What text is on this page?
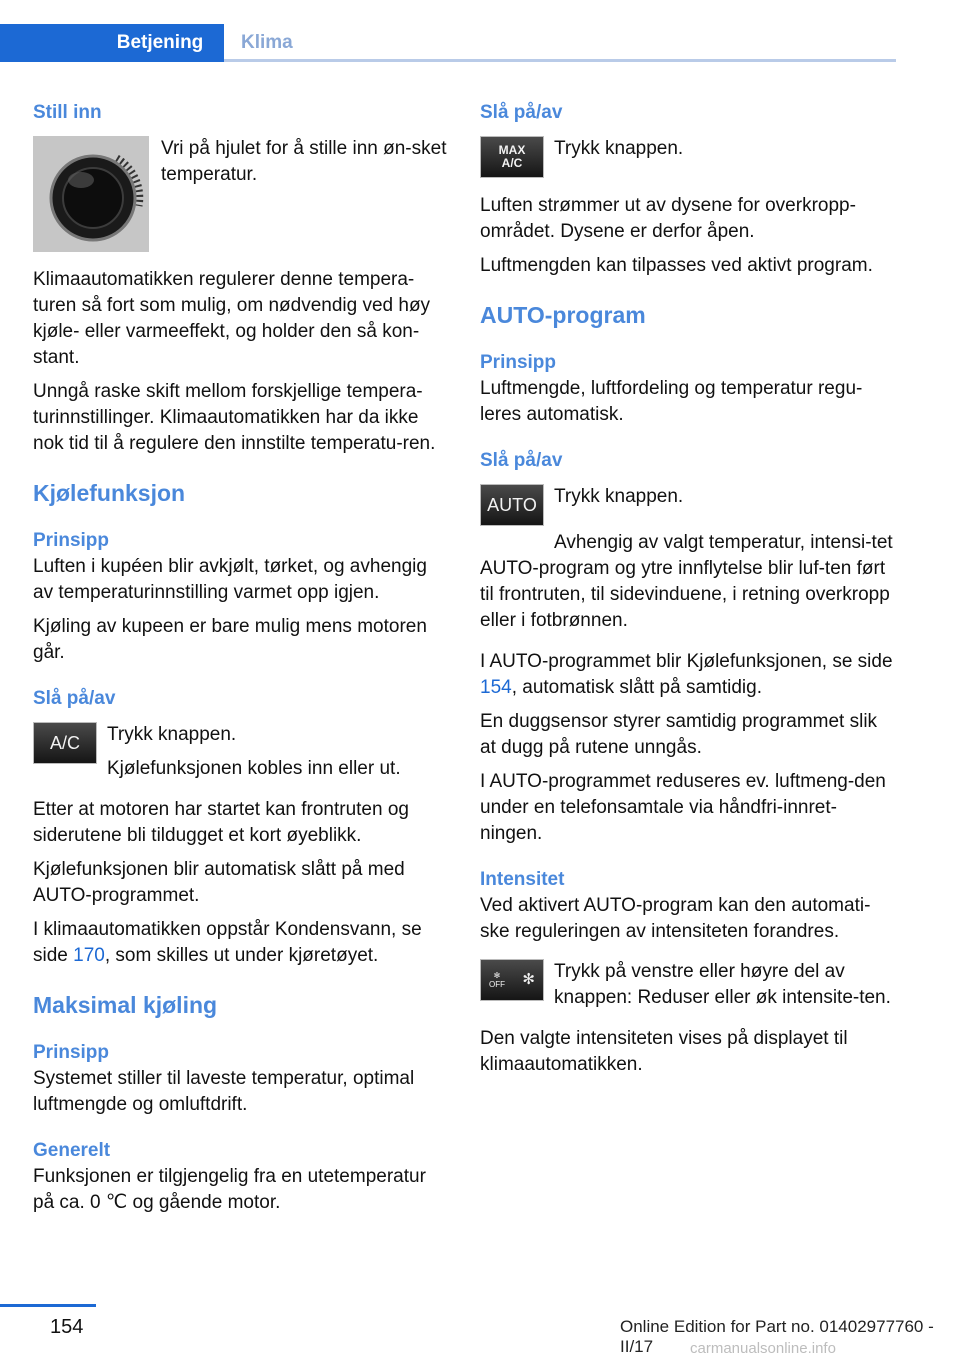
Betjening	Klima
Still inn
Vri på hjulet for å stille inn øn-sket temperatur.

Klimaautomatikken regulerer denne tempera-turen så fort som mulig, om nødvendig ved høy kjøle- eller varmeeffekt, og holder den så kon-stant.

Unngå raske skift mellom forskjellige tempera-turinnstillinger. Klimaautomatikken har da ikke nok tid til å regulere den innstilte temperatu-ren.

Kjølefunksjon
Prinsipp

Luften i kupéen blir avkjølt, tørket, og avhengig av temperaturinnstilling varmet opp igjen.

Kjøling av kupeen er bare mulig mens motoren går.

Slå på/av
A/C	Trykk knappen.

Kjølefunksjonen kobles inn eller ut.

Etter at motoren har startet kan frontruten og siderutene bli tildugget et kort øyeblikk.

Kjølefunksjonen blir automatisk slått på med AUTO-programmet.

I klimaautomatikken oppstår Kondensvann, se side 170, som skilles ut under kjøretøyet.

Maksimal kjøling
Prinsipp

Systemet stiller til laveste temperatur, optimal luftmengde og omluftdrift.

Generelt

Funksjonen er tilgjengelig fra en utetemperatur på ca. 0 ℃ og gående motor.

Slå på/av
MAX
A/C
Trykk knappen.

Luften strømmer ut av dysene for overkropp-området. Dysene er derfor åpen.

Luftmengden kan tilpasses ved aktivt program.

AUTO-program
Prinsipp

Luftmengde, luftfordeling og temperatur regu-leres automatisk.

Slå på/av
AUTO Trykk knappen.

Avhengig av valgt temperatur, intensi-tet AUTO-program og ytre innflytelse blir luf-ten ført til frontruten, til sidevinduene, i retning overkropp eller i fotbrønnen.

I AUTO-programmet blir Kjølefunksjonen, se side 154, automatisk slått på samtidig.

En duggsensor styrer samtidig programmet slik at dugg på rutene unngås.

I AUTO-programmet reduseres ev. luftmeng-den under en telefonsamtale via håndfri-innret-ningen.

Intensitet

Ved aktivert AUTO-program kan den automati-ske reguleringen av intensiteten forandres.

✻
OFF ✻	Trykk på venstre eller høyre del av knappen: Reduser eller øk intensite-ten.

Den valgte intensiteten vises på displayet til klimaautomatikken.

154	Online Edition for Part no. 01402977760 - II/17	carmanualsonline.info
